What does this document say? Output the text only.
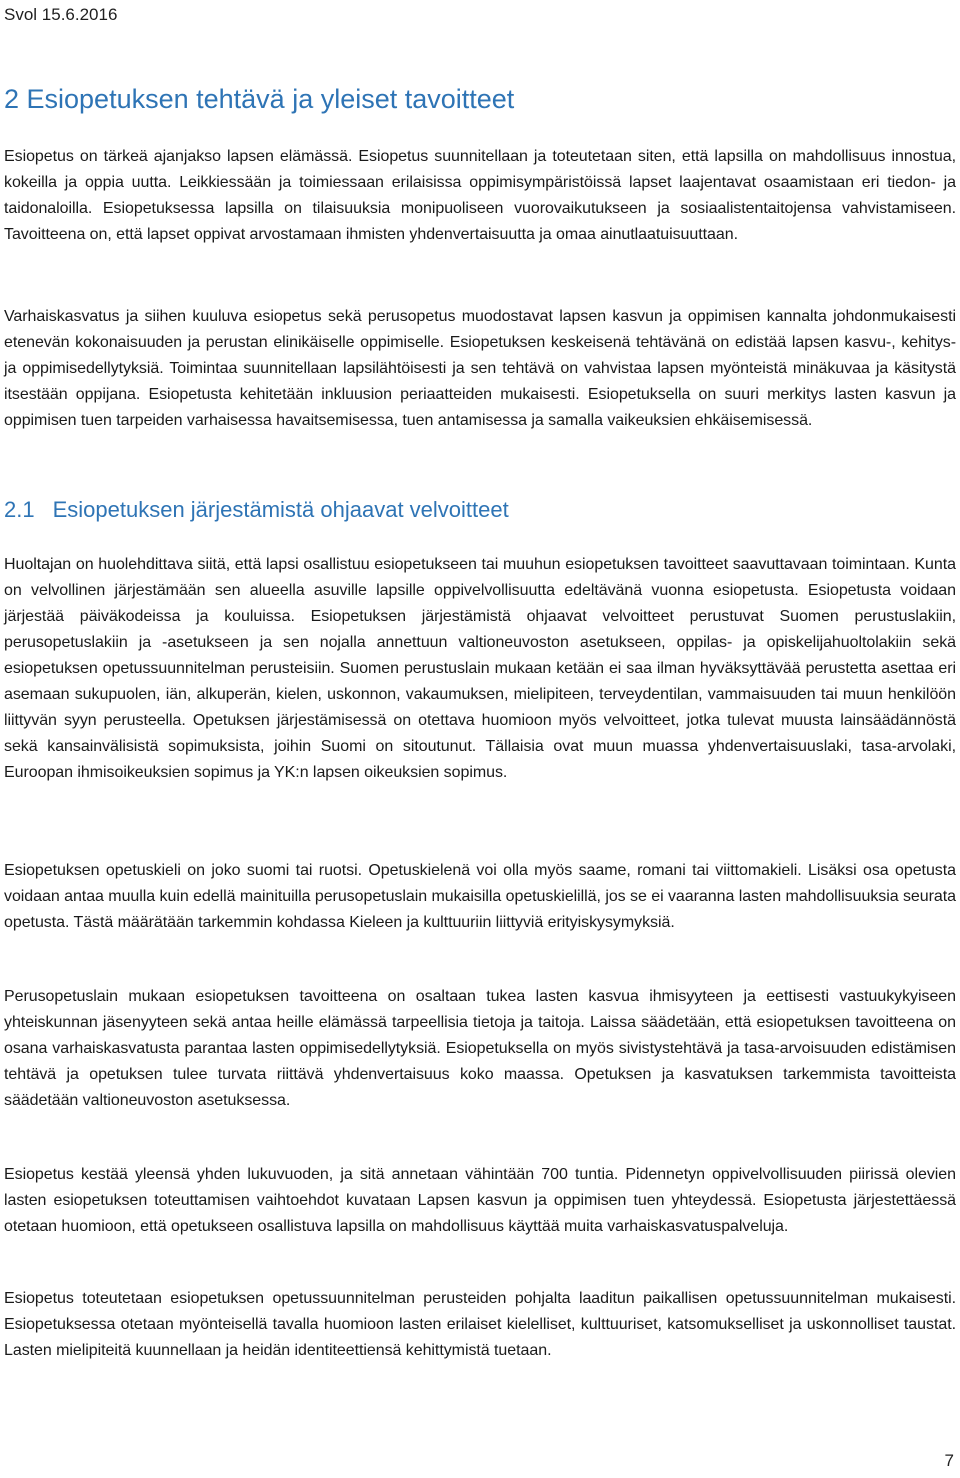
Svol 15.6.2016
2 Esiopetuksen tehtävä ja yleiset tavoitteet

Esiopetus on tärkeä ajanjakso lapsen elämässä. Esiopetus suunnitellaan ja toteutetaan siten, että lapsilla on mahdollisuus innostua, kokeilla ja oppia uutta. Leikkiessään ja toimiessaan erilaisissa oppimisympäristöissä lapset laajentavat osaamistaan eri tiedon- ja taidonaloilla. Esiopetuksessa lapsilla on tilaisuuksia monipuoliseen vuorovaikutukseen ja sosiaalistentaitojensa vahvistamiseen. Tavoitteena on, että lapset oppivat arvostamaan ihmisten yhdenvertaisuutta ja omaa ainutlaatuisuuttaan.

Varhaiskasvatus ja siihen kuuluva esiopetus sekä perusopetus muodostavat lapsen kasvun ja oppimisen kannalta johdonmukaisesti etenevän kokonaisuuden ja perustan elinikäiselle oppimiselle. Esiopetuksen keskeisenä tehtävänä on edistää lapsen kasvu-, kehitys- ja oppimisedellytyksiä. Toimintaa suunnitellaan lapsilähtöisesti ja sen tehtävä on vahvistaa lapsen myönteistä minäkuvaa ja käsitystä itsestään oppijana. Esiopetusta kehitetään inkluusion periaatteiden mukaisesti. Esiopetuksella on suuri merkitys lasten kasvun ja oppimisen tuen tarpeiden varhaisessa havaitsemisessa, tuen antamisessa ja samalla vaikeuksien ehkäisemisessä.

2.1 Esiopetuksen järjestämistä ohjaavat velvoitteet

Huoltajan on huolehdittava siitä, että lapsi osallistuu esiopetukseen tai muuhun esiopetuksen tavoitteet saavuttavaan toimintaan. Kunta on velvollinen järjestämään sen alueella asuville lapsille oppivelvollisuutta edeltävänä vuonna esiopetusta. Esiopetusta voidaan järjestää päiväkodeissa ja kouluissa. Esiopetuksen järjestämistä ohjaavat velvoitteet perustuvat Suomen perustuslakiin, perusopetuslakiin ja -asetukseen ja sen nojalla annettuun valtioneuvoston asetukseen, oppilas- ja opiskelijahuoltolakiin sekä esiopetuksen opetussuunnitelman perusteisiin. Suomen perustuslain mukaan ketään ei saa ilman hyväksyttävää perustetta asettaa eri asemaan sukupuolen, iän, alkuperän, kielen, uskonnon, vakaumuksen, mielipiteen, terveydentilan, vammaisuuden tai muun henkilöön liittyvän syyn perusteella. Opetuksen järjestämisessä on otettava huomioon myös velvoitteet, jotka tulevat muusta lainsäädännöstä sekä kansainvälisistä sopimuksista, joihin Suomi on sitoutunut. Tällaisia ovat muun muassa yhdenvertaisuuslaki, tasa-arvolaki, Euroopan ihmisoikeuksien sopimus ja YK:n lapsen oikeuksien sopimus.

Esiopetuksen opetuskieli on joko suomi tai ruotsi. Opetuskielenä voi olla myös saame, romani tai viittomakieli. Lisäksi osa opetusta voidaan antaa muulla kuin edellä mainituilla perusopetuslain mukaisilla opetuskielillä, jos se ei vaaranna lasten mahdollisuuksia seurata opetusta. Tästä määrätään tarkemmin kohdassa Kieleen ja kulttuuriin liittyviä erityiskysymyksiä.

Perusopetuslain mukaan esiopetuksen tavoitteena on osaltaan tukea lasten kasvua ihmisyyteen ja eettisesti vastuukykyiseen yhteiskunnan jäsenyyteen sekä antaa heille elämässä tarpeellisia tietoja ja taitoja. Laissa säädetään, että esiopetuksen tavoitteena on osana varhaiskasvatusta parantaa lasten oppimisedellytyksiä. Esiopetuksella on myös sivistystehtävä ja tasa-arvoisuuden edistämisen tehtävä ja opetuksen tulee turvata riittävä yhdenvertaisuus koko maassa. Opetuksen ja kasvatuksen tarkemmista tavoitteista säädetään valtioneuvoston asetuksessa.

Esiopetus kestää yleensä yhden lukuvuoden, ja sitä annetaan vähintään 700 tuntia. Pidennetyn oppivelvollisuuden piirissä olevien lasten esiopetuksen toteuttamisen vaihtoehdot kuvataan Lapsen kasvun ja oppimisen tuen yhteydessä. Esiopetusta järjestettäessä otetaan huomioon, että opetukseen osallistuva lapsilla on mahdollisuus käyttää muita varhaiskasvatuspalveluja.

Esiopetus toteutetaan esiopetuksen opetussuunnitelman perusteiden pohjalta laaditun paikallisen opetussuunnitelman mukaisesti. Esiopetuksessa otetaan myönteisellä tavalla huomioon lasten erilaiset kielelliset, kulttuuriset, katsomukselliset ja uskonnolliset taustat. Lasten mielipiteitä kuunnellaan ja heidän identiteettiensä kehittymistä tuetaan.

7
